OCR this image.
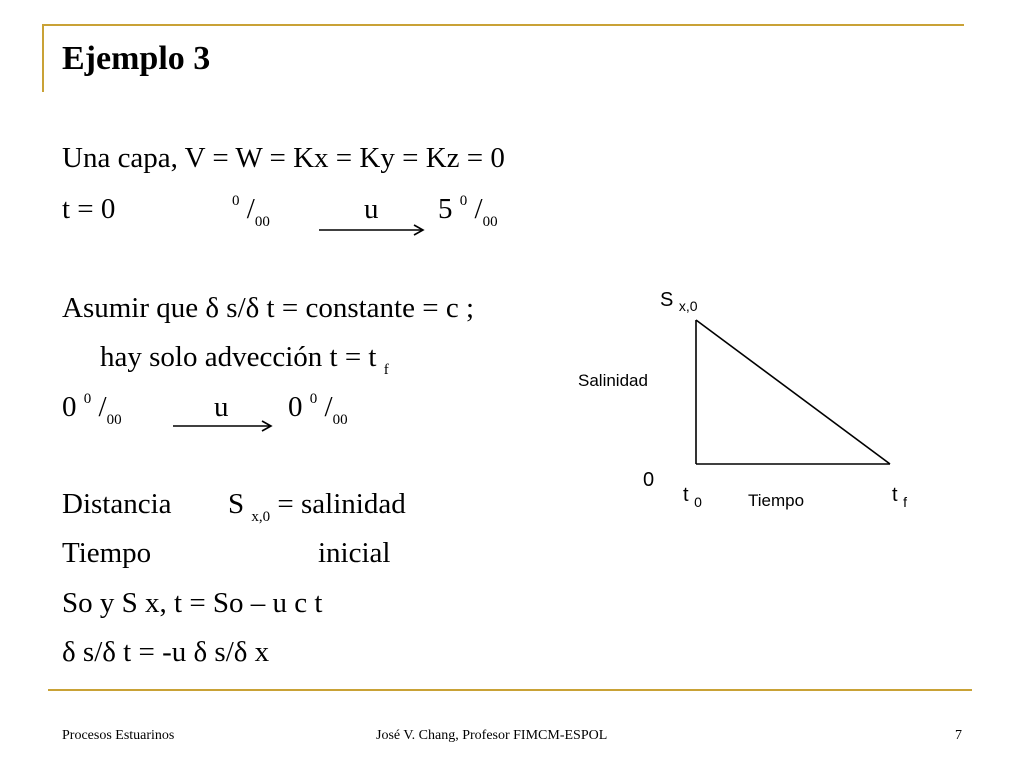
Ejemplo 3
Una capa, V = W = Kx = Ky = Kz = 0
t = 0	$^0$ $/_{00}$	u 5 $^0$ $/_{00}$
Asumir que δ s/δ t = constante = c ;
hay solo advección t = t $_f$
0 $^0$ $/_{00}$	u 0 $^0$ $/_{00}$
Distancia S $_{x,0}$ = salinidad
Tiempo	inicial
So y S x, t = So – u c t
δ s/δ t = -u δ s/δ x
S $_{x,0}$
Salinidad
0
t $_0$	Tiempo	t $_f$
Procesos Estuarinos	José V. Chang, Profesor FIMCM-ESPOL	7
